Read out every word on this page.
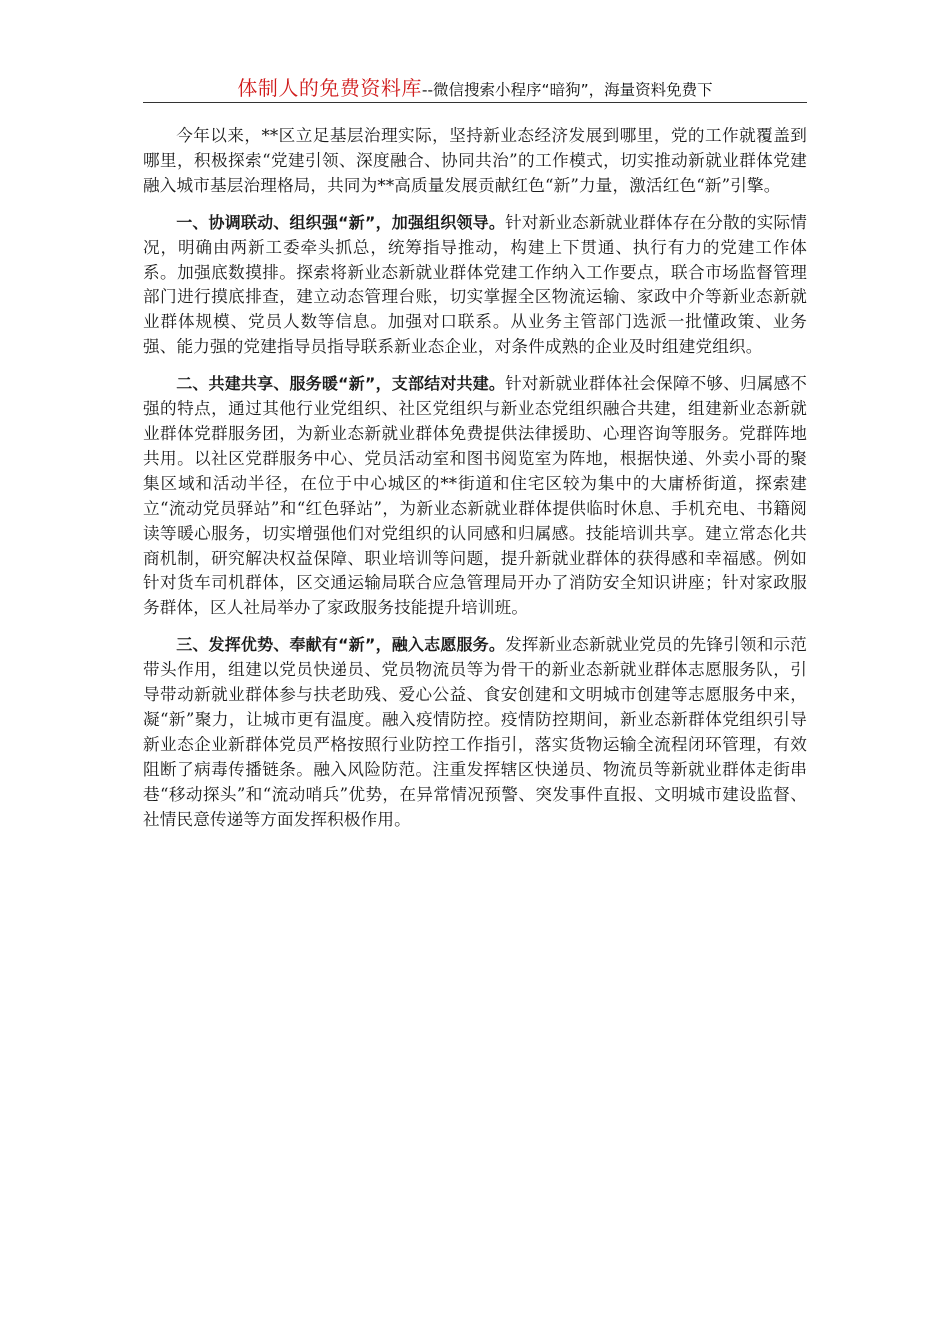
体制人的免费资料库--微信搜索小程序“暗狗”，海量资料免费下

今年以来，**区立足基层治理实际，坚持新业态经济发展到哪里，党的工作就覆盖到哪里，积极探索“党建引领、深度融合、协同共治”的工作模式，切实推动新就业群体党建融入城市基层治理格局，共同为**高质量发展贡献红色“新”力量，激活红色“新”引擎。

一、协调联动、组织强“新”，加强组织领导。针对新业态新就业群体存在分散的实际情况，明确由两新工委牵头抓总，统筹指导推动，构建上下贯通、执行有力的党建工作体系。加强底数摸排。探索将新业态新就业群体党建工作纳入工作要点，联合市场监督管理部门进行摸底排查，建立动态管理台账，切实掌握全区物流运输、家政中介等新业态新就业群体规模、党员人数等信息。加强对口联系。从业务主管部门选派一批懂政策、业务强、能力强的党建指导员指导联系新业态企业，对条件成熟的企业及时组建党组织。

二、共建共享、服务暖“新”，支部结对共建。针对新就业群体社会保障不够、归属感不强的特点，通过其他行业党组织、社区党组织与新业态党组织融合共建，组建新业态新就业群体党群服务团，为新业态新就业群体免费提供法律援助、心理咨询等服务。党群阵地共用。以社区党群服务中心、党员活动室和图书阅览室为阵地，根据快递、外卖小哥的聚集区域和活动半径，在位于中心城区的**街道和住宅区较为集中的大庸桥街道，探索建立“流动党员驿站”和“红色驿站”，为新业态新就业群体提供临时休息、手机充电、书籍阅读等暖心服务，切实增强他们对党组织的认同感和归属感。技能培训共享。建立常态化共商机制，研究解决权益保障、职业培训等问题，提升新就业群体的获得感和幸福感。例如针对货车司机群体，区交通运输局联合应急管理局开办了消防安全知识讲座；针对家政服务群体，区人社局举办了家政服务技能提升培训班。

三、发挥优势、奉献有“新”，融入志愿服务。发挥新业态新就业党员的先锋引领和示范带头作用，组建以党员快递员、党员物流员等为骨干的新业态新就业群体志愿服务队，引导带动新就业群体参与扶老助残、爱心公益、食安创建和文明城市创建等志愿服务中来，凝“新”聚力，让城市更有温度。融入疫情防控。疫情防控期间，新业态新群体党组织引导新业态企业新群体党员严格按照行业防控工作指引，落实货物运输全流程闭环管理，有效阻断了病毒传播链条。融入风险防范。注重发挥辖区快递员、物流员等新就业群体走街串巷“移动探头”和“流动哨兵”优势，在异常情况预警、突发事件直报、文明城市建设监督、社情民意传递等方面发挥积极作用。
